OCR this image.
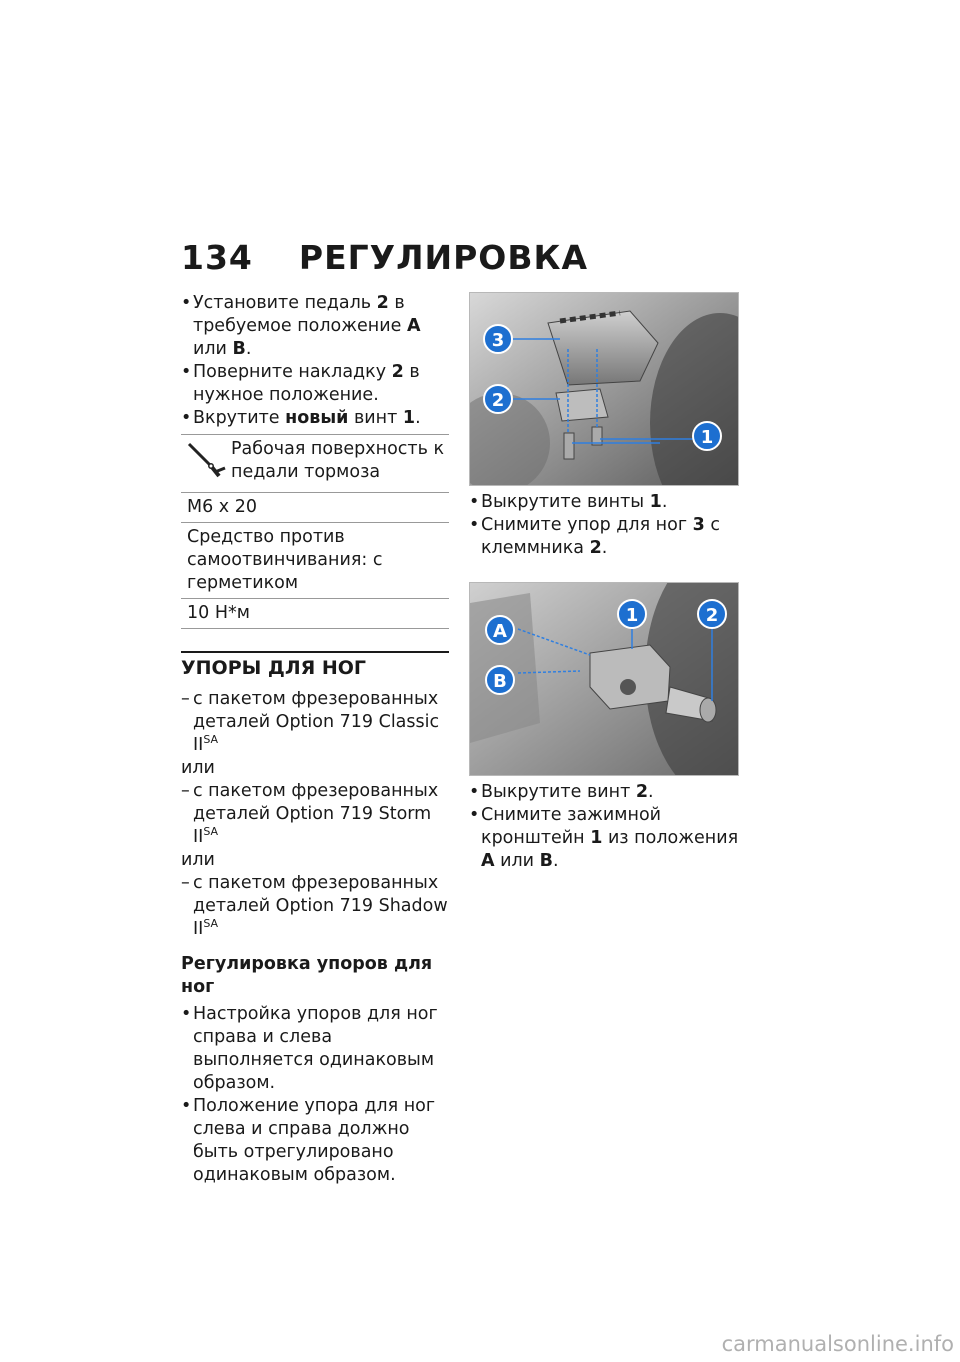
134 РЕГУЛИРОВКА
• Установите педаль 2 в требуемое положение A или B.
• Поверните накладку 2 в нужное положение.
• Вкрутите новый винт 1.
Рабочая поверхность к педали тормоза
M6 x 20
Средство против самоотвинчивания: с герметиком
10 Н*м
УПОРЫ ДЛЯ НОГ
– с пакетом фрезерованных деталей Option 719 Classic $II^{SA}$
или
– с пакетом фрезерованных деталей Option 719 Storm $II^{SA}$
или
– с пакетом фрезерованных деталей Option 719 Shadow $II^{SA}$
Регулировка упоров для ног
• Настройка упоров для ног справа и слева выполняется одинаковым образом.
• Положение упора для ног слева и справа должно быть отрегулировано одинаковым образом.
3
2
1
• Выкрутите винты 1.
• Снимите упор для ног 3 с клеммника 2.
A
B
1	2
• Выкрутите винт 2.
• Снимите зажимной кронштейн 1 из положения A или B.
carmanualsonline.info
